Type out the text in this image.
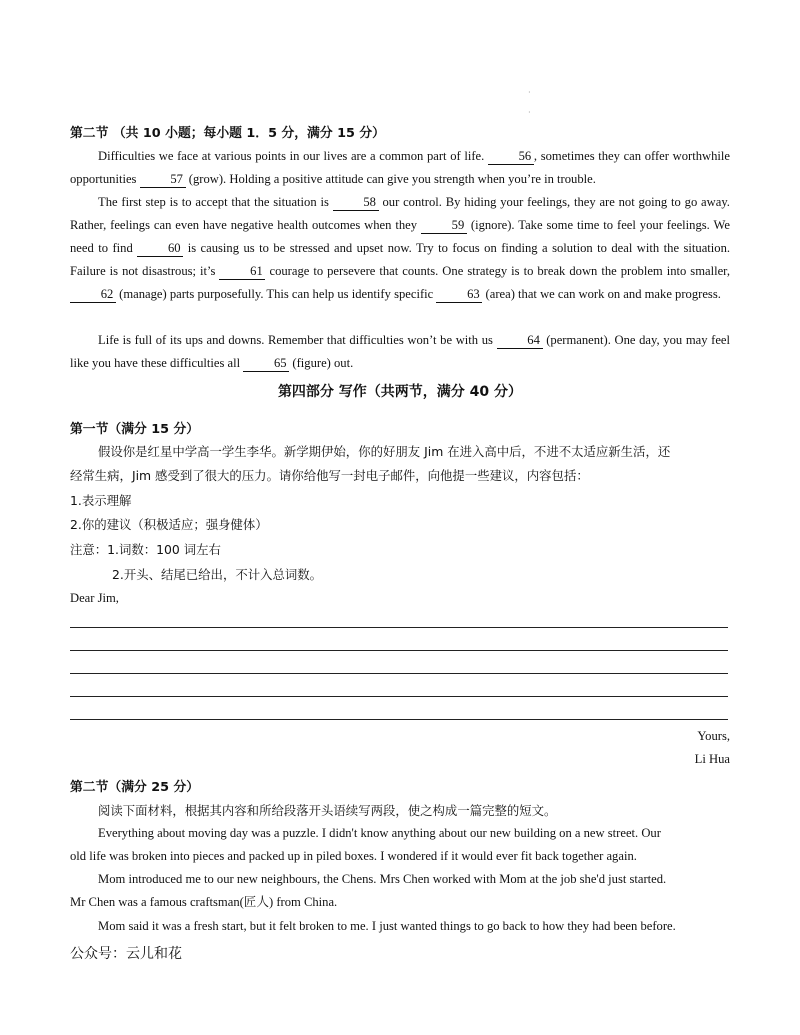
·
·
第二节 （共 10 小题；每小题 1．5 分，满分 15 分）
Difficulties we face at various points in our lives are a common part of life.	56 , sometimes they can offer worthwhile opportunities	57 (grow). Holding a positive attitude can give you strength when you’re in trouble.
The first step is to accept that the situation is	58 our control. By hiding your feelings, they are not going to go away. Rather, feelings can even have negative health outcomes when they	59 (ignore). Take some time to feel your feelings. We need to find	60 is causing us to be stressed and upset now. Try to focus on finding a solution to deal with the situation. Failure is not disastrous; it’s	61 courage to persevere that counts. One strategy is to break down the problem into smaller, 62 (manage) parts purposefully. This can help us identify specific	63 (area) that we can work on and make progress.
Life is full of its ups and downs. Remember that difficulties won’t be with us	64 (permanent). One day, you may feel like you have these difficulties all	65 (figure) out.
第四部分 写作（共两节，满分 40 分）
第一节（满分 15 分）
假设你是红星中学高一学生李华。新学期伊始，你的好朋友 Jim 在进入高中后，不进不太适应新生活，还
经常生病，Jim 感受到了很大的压力。请你给他写一封电子邮件，向他提一些建议，内容包括：
1.表示理解
2.你的建议（积极适应；强身健体）
注意：1.词数：100 词左右
2.开头、结尾已给出，不计入总词数。
Dear Jim,
Yours,
Li Hua
第二节（满分 25 分）
阅读下面材料，根据其内容和所给段落开头语续写两段，使之构成一篇完整的短文。
Everything about moving day was a puzzle. I didn't know anything about our new building on a new street. Our
old life was broken into pieces and packed up in piled boxes. I wondered if it would ever fit back together again.
Mom introduced me to our new neighbours, the Chens. Mrs Chen worked with Mom at the job she'd just started.
Mr Chen was a famous craftsman(匠人) from China.
Mom said it was a fresh start, but it felt broken to me. I just wanted things to go back to how they had been before.
公众号：云儿和花
